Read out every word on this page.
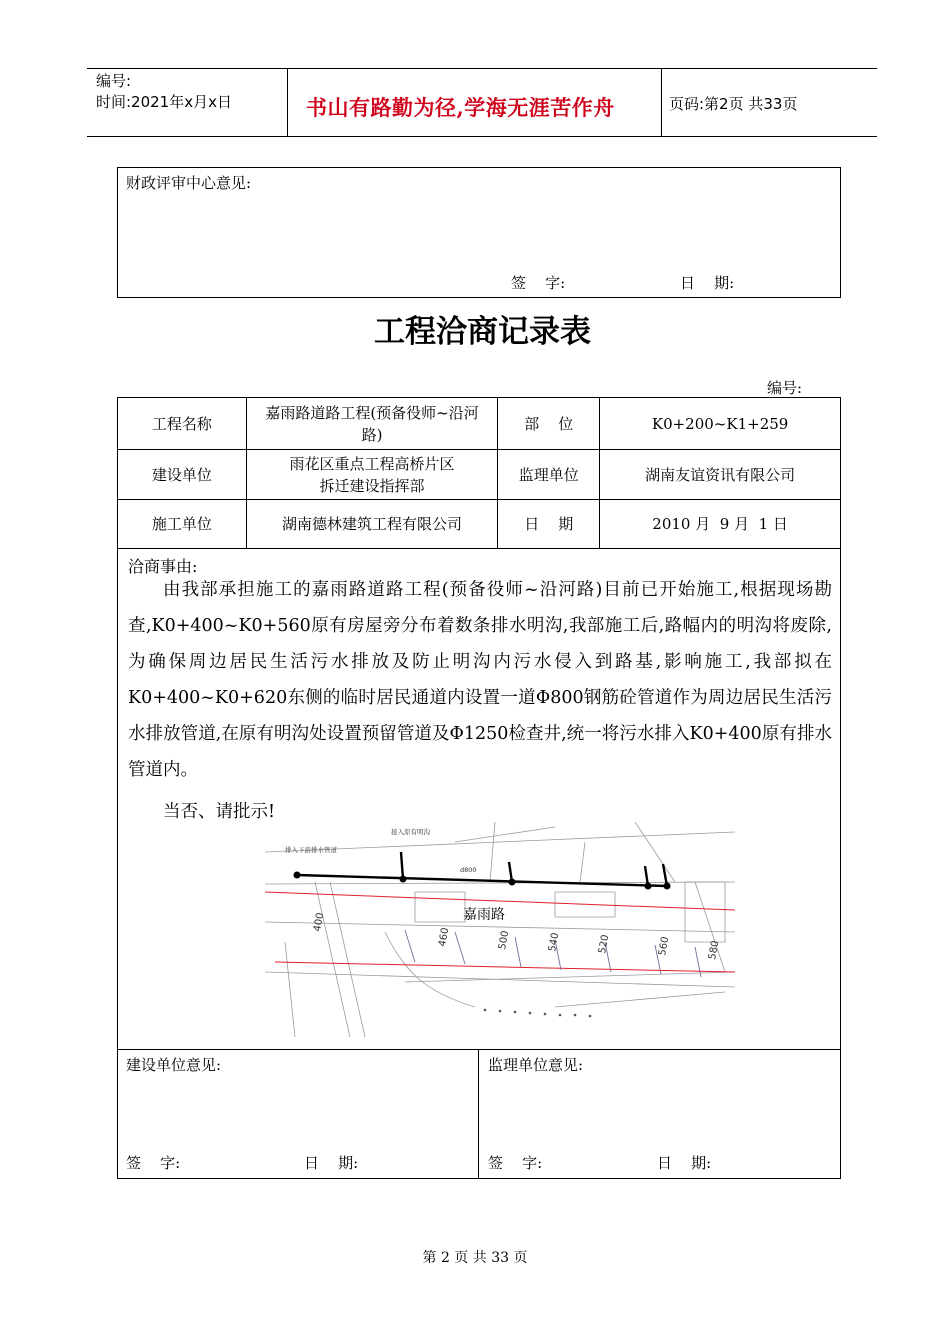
编号:
时间:2021年x月x日	书山有路勤为径,学海无涯苦作舟	页码:第2页 共33页
财政评审中心意见:
签    字:	日    期:
工程洽商记录表
编号:
工程名称	嘉雨路道路工程(预备役师~沿河路)	部    位	K0+200~K1+259
建设单位	雨花区重点工程高桥片区
拆迁建设指挥部	监理单位	湖南友谊资讯有限公司
施工单位	湖南德林建筑工程有限公司	日    期	2010 月  9 月  1 日
洽商事由:
由我部承担施工的嘉雨路道路工程(预备役师~沿河路)目前已开始施工,根据现场勘查,K0+400~K0+560原有房屋旁分布着数条排水明沟,我部施工后,路幅内的明沟将废除,为确保周边居民生活污水排放及防止明沟内污水侵入到路基,影响施工,我部拟在K0+400~K0+620东侧的临时居民通道内设置一道Φ800钢筋砼管道作为周边居民生活污水排放管道,在原有明沟处设置预留管道及Φ1250检查井,统一将污水排入K0+400原有排水管道内。
当否、请批示!
嘉雨路
排入下游排水管道
接入原有明沟
d800
400
460	500	540	520	560	580
建设单位意见:
签    字:	日    期:
监理单位意见:
签    字:	日    期:
第 2 页 共 33 页
